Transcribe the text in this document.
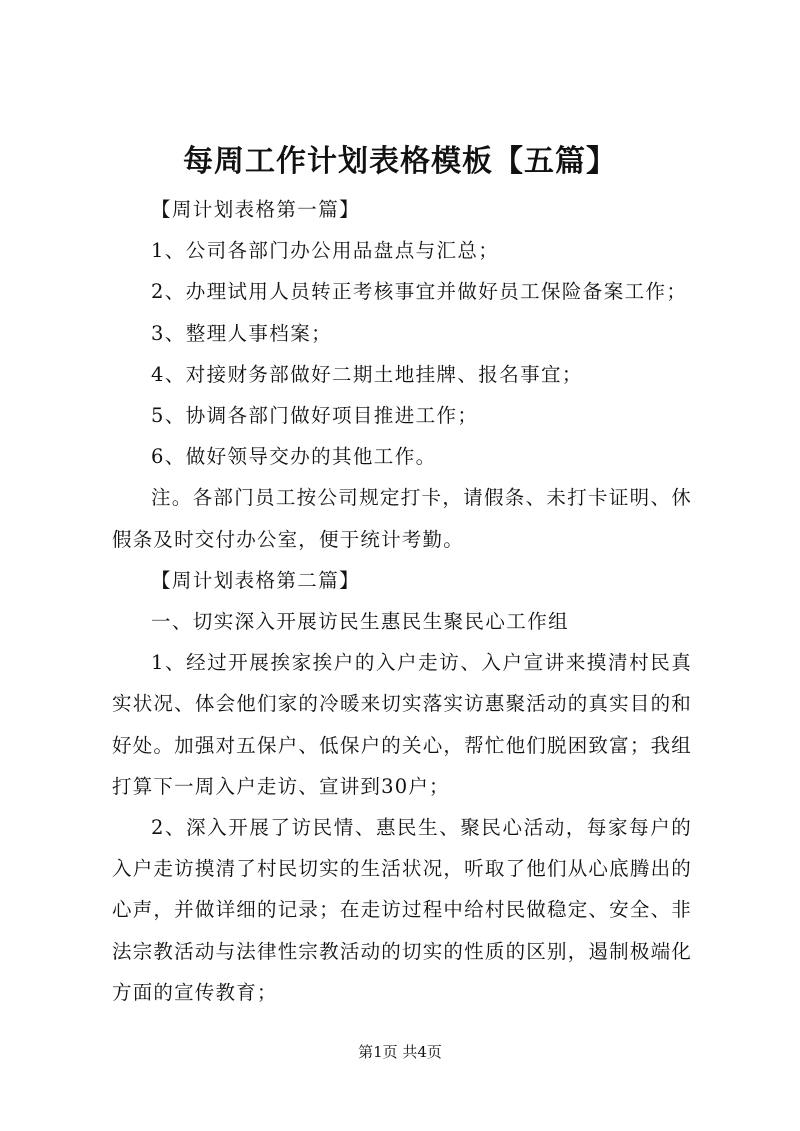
每周工作计划表格模板【五篇】

【周计划表格第一篇】

1、公司各部门办公用品盘点与汇总；

2、办理试用人员转正考核事宜并做好员工保险备案工作；

3、整理人事档案；

4、对接财务部做好二期土地挂牌、报名事宜；

5、协调各部门做好项目推进工作；

6、做好领导交办的其他工作。

注。各部门员工按公司规定打卡，请假条、未打卡证明、休假条及时交付办公室，便于统计考勤。

【周计划表格第二篇】

一、切实深入开展访民生惠民生聚民心工作组

1、经过开展挨家挨户的入户走访、入户宣讲来摸清村民真实状况、体会他们家的冷暖来切实落实访惠聚活动的真实目的和好处。加强对五保户、低保户的关心，帮忙他们脱困致富；我组打算下一周入户走访、宣讲到30户；

2、深入开展了访民情、惠民生、聚民心活动，每家每户的入户走访摸清了村民切实的生活状况，听取了他们从心底腾出的心声，并做详细的记录；在走访过程中给村民做稳定、安全、非法宗教活动与法律性宗教活动的切实的性质的区别，遏制极端化方面的宣传教育；

第1页 共4页
